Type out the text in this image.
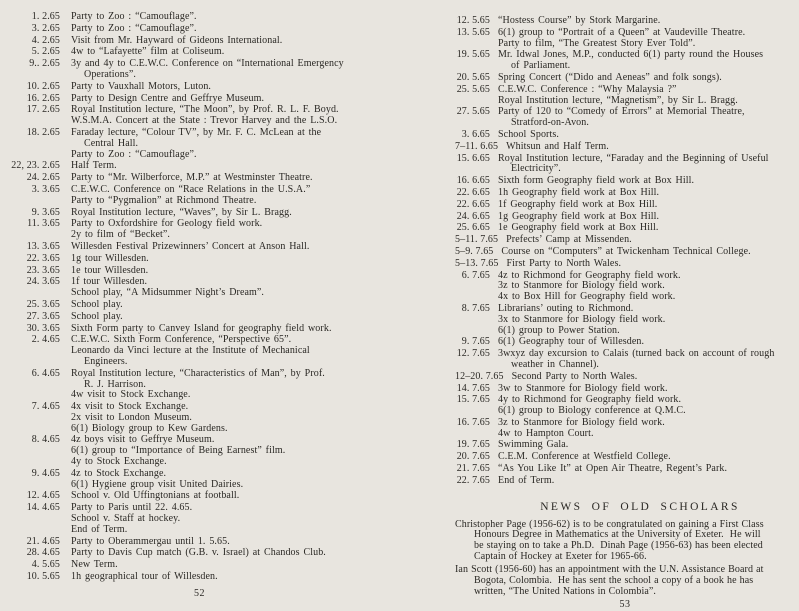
1. 2.65 Party to Zoo : “Camouflage”.
3. 2.65 Party to Zoo : “Camouflage”.
4. 2.65 Visit from Mr. Hayward of Gideons International.
5. 2.65 4w to “Lafayette” film at Coliseum.
9.. 2.65 3y and 4y to C.E.W.C. Conference on “International Emergency
Operations”.
10. 2.65 Party to Vauxhall Motors, Luton.
16. 2.65 Party to Design Centre and Geffrye Museum.
17. 2.65 Royal Institution lecture, “The Moon”, by Prof. R. L. F. Boyd.
W.S.M.A. Concert at the State : Trevor Harvey and the L.S.O.
18. 2.65 Faraday lecture, “Colour TV”, by Mr. F. C. McLean at the
Central Hall.
Party to Zoo : “Camouflage”.
22, 23. 2.65 Half Term.
24. 2.65 Party to “Mr. Wilberforce, M.P.” at Westminster Theatre.
3. 3.65 C.E.W.C. Conference on “Race Relations in the U.S.A.”
Party to “Pygmalion” at Richmond Theatre.
9. 3.65 Royal Institution lecture, “Waves”, by Sir L. Bragg.
11. 3.65 Party to Oxfordshire for Geology field work.
2y to film of “Becket”.
13. 3.65 Willesden Festival Prizewinners’ Concert at Anson Hall.
22. 3.65 1g tour Willesden.
23. 3.65 1e tour Willesden.
24. 3.65 1f tour Willesden.
School play, “A Midsummer Night’s Dream”.
25. 3.65 School play.
27. 3.65 School play.
30. 3.65 Sixth Form party to Canvey Island for geography field work.
2. 4.65 C.E.W.C. Sixth Form Conference, “Perspective 65”.
Leonardo da Vinci lecture at the Institute of Mechanical
Engineers.
6. 4.65 Royal Institution lecture, “Characteristics of Man”, by Prof.
R. J. Harrison.
4w visit to Stock Exchange.
7. 4.65 4x visit to Stock Exchange.
2x visit to London Museum.
6(1) Biology group to Kew Gardens.
8. 4.65 4z boys visit to Geffrye Museum.
6(1) group to “Importance of Being Earnest” film.
4y to Stock Exchange.
9. 4.65 4z to Stock Exchange.
6(1) Hygiene group visit United Dairies.
12. 4.65 School v. Old Uffingtonians at football.
14. 4.65 Party to Paris until 22. 4.65.
School v. Staff at hockey.
End of Term.
21. 4.65 Party to Oberammergau until 1. 5.65.
28. 4.65 Party to Davis Cup match (G.B. v. Israel) at Chandos Club.
4. 5.65 New Term.
10. 5.65 1h geographical tour of Willesden.
52
12. 5.65 “Hostess Course” by Stork Margarine.
13. 5.65 6(1) group to “Portrait of a Queen” at Vaudeville Theatre.
Party to film, “The Greatest Story Ever Told”.
19. 5.65 Mr. Idwal Jones, M.P., conducted 6(1) party round the Houses
of Parliament.
20. 5.65 Spring Concert (“Dido and Aeneas” and folk songs).
25. 5.65 C.E.W.C. Conference : “Why Malaysia ?”
Royal Institution lecture, “Magnetism”, by Sir L. Bragg.
27. 5.65 Party of 120 to “Comedy of Errors” at Memorial Theatre,
Stratford-on-Avon.
3. 6.65 School Sports.
7–11. 6.65 Whitsun and Half Term.
15. 6.65 Royal Institution lecture, “Faraday and the Beginning of Useful
Electricity”.
16. 6.65 Sixth form Geography field work at Box Hill.
22. 6.65 1h Geography field work at Box Hill.
22. 6.65 1f Geography field work at Box Hill.
24. 6.65 1g Geography field work at Box Hill.
25. 6.65 1e Geography field work at Box Hill.
5–11. 7.65 Prefects’ Camp at Missenden.
5–9. 7.65 Course on “Computers” at Twickenham Technical College.
5–13. 7.65 First Party to North Wales.
6. 7.65 4z to Richmond for Geography field work.
3z to Stanmore for Biology field work.
4x to Box Hill for Geography field work.
8. 7.65 Librarians’ outing to Richmond.
3x to Stanmore for Biology field work.
6(1) group to Power Station.
9. 7.65 6(1) Geography tour of Willesden.
12. 7.65 3wxyz day excursion to Calais (turned back on account of rough
weather in Channel).
12–20. 7.65 Second Party to North Wales.
14. 7.65 3w to Stanmore for Biology field work.
15. 7.65 4y to Richmond for Geography field work.
6(1) group to Biology conference at Q.M.C.
16. 7.65 3z to Stanmore for Biology field work.
4w to Hampton Court.
19. 7.65 Swimming Gala.
20. 7.65 C.E.M. Conference at Westfield College.
21. 7.65 “As You Like It” at Open Air Theatre, Regent’s Park.
22. 7.65 End of Term.
NEWS OF OLD SCHOLARS
Christopher Page (1956-62) is to be congratulated on gaining a First Class
Honours Degree in Mathematics at the University of Exeter.  He will
be staying on to take a Ph.D.  Dinah Page (1956-63) has been elected
Captain of Hockey at Exeter for 1965-66.
Ian Scott (1956-60) has an appointment with the U.N. Assistance Board at
Bogota, Colombia.  He has sent the school a copy of a book he has
written, “The United Nations in Colombia”.
53
